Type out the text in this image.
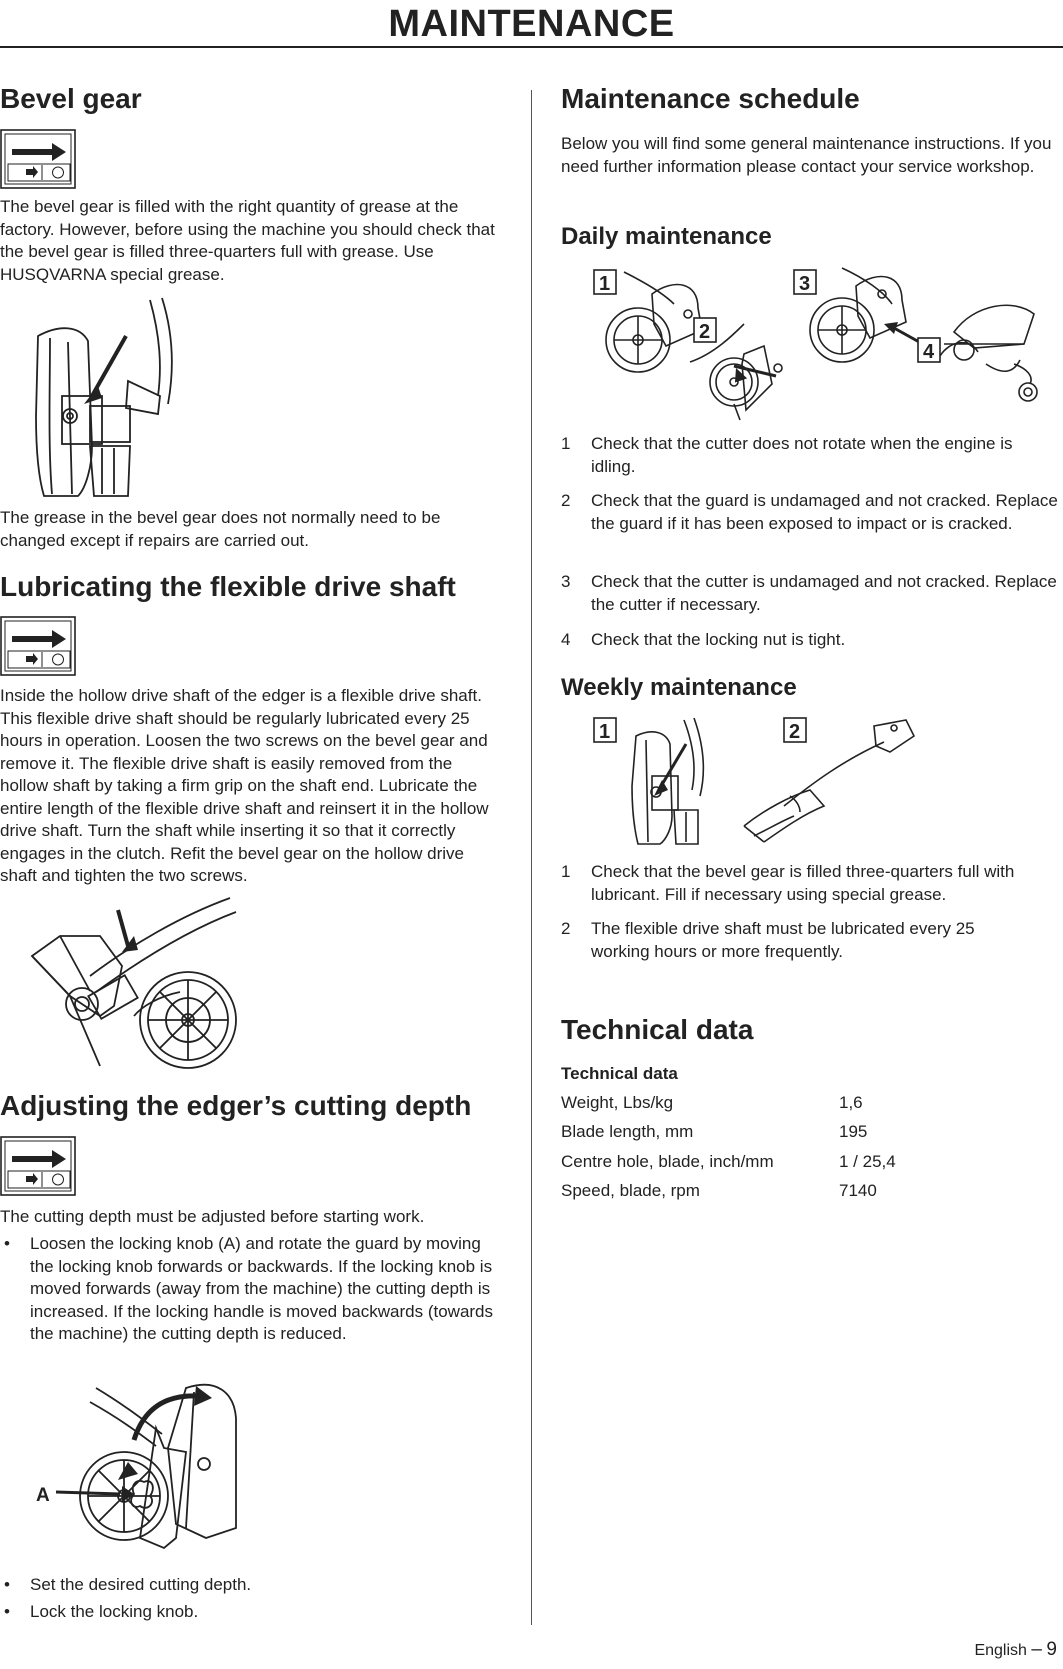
MAINTENANCE
Bevel gear

The bevel gear is filled with the right quantity of grease at the factory. However, before using the machine you should check that the bevel gear is filled three-quarters full with grease. Use HUSQVARNA special grease.

The grease in the bevel gear does not normally need to be changed except if repairs are carried out.

Lubricating the flexible drive shaft

Inside the hollow drive shaft of the edger is a flexible drive shaft. This flexible drive shaft should be regularly lubricated every 25 hours in operation. Loosen the two screws on the bevel gear and remove it. The flexible drive shaft is easily removed from the hollow shaft by taking a firm grip on the shaft end. Lubricate the entire length of the flexible drive shaft and reinsert it in the hollow drive shaft. Turn the shaft while inserting it so that it correctly engages in the clutch. Refit the bevel gear on the hollow drive shaft and tighten the two screws.

Adjusting the edger’s cutting depth

The cutting depth must be adjusted before starting work.

• Loosen the locking knob (A) and rotate the guard by moving the locking knob forwards or backwards. If the locking knob is moved forwards (away from the machine) the cutting depth is increased. If the locking handle is moved backwards (towards the machine) the cutting depth is reduced.
A
• Set the desired cutting depth.
• Lock the locking knob.
Maintenance schedule

Below you will find some general maintenance instructions. If you need further information please contact your service workshop.

Daily maintenance
1
2
3
4
1 Check that the cutter does not rotate when the engine is idling.
2 Check that the guard is undamaged and not cracked. Replace the guard if it has been exposed to impact or is cracked.
3 Check that the cutter is undamaged and not cracked. Replace the cutter if necessary.
4 Check that the locking nut is tight.
Weekly maintenance
1	2
1 Check that the bevel gear is filled three-quarters full with lubricant. Fill if necessary using special grease.
2 The flexible drive shaft must be lubricated every 25 working hours or more frequently.
Technical data
Technical data
Weight, Lbs/kg	1,6
Blade length, mm	195
Centre hole, blade, inch/mm	1 / 25,4
Speed, blade, rpm	7140
English – 9
